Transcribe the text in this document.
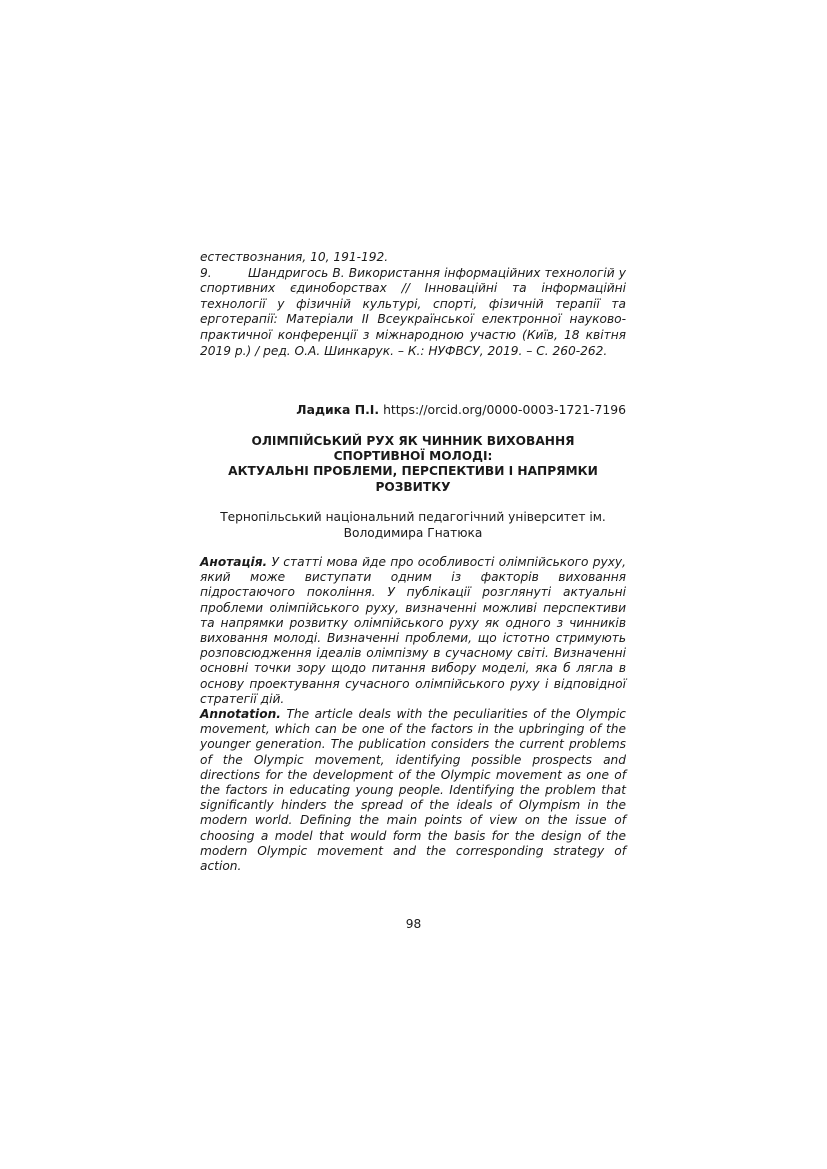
естествознания, 10, 191-192.

9.	Шандригось В. Використання інформаційних технологій у спортивних єдиноборствах // Інноваційні та інформаційні технології у фізичній культурі, спорті, фізичній терапії та ерготерапії: Матеріали ІІ Всеукраїнської електронної науково-практичної конференції з міжнародною участю (Київ, 18 квітня 2019 р.) / ред. О.А. Шинкарук. – К.: НУФВСУ, 2019. – С. 260-262.

Ладика П.І. https://orcid.org/0000-0003-1721-7196
ОЛІМПІЙСЬКИЙ РУХ ЯК ЧИННИК ВИХОВАННЯ
СПОРТИВНОЇ МОЛОДІ:
АКТУАЛЬНІ ПРОБЛЕМИ, ПЕРСПЕКТИВИ І НАПРЯМКИ
РОЗВИТКУ
Тернопільський національний педагогічний університет ім.
Володимира Гнатюка

Анотація. У статті мова йде про особливості олімпійського руху, який може виступати одним із факторів виховання підростаючого покоління. У публікації розглянуті актуальні проблеми олімпійського руху, визначенні можливі перспективи та напрямки розвитку олімпійського руху як одного з чинників виховання молоді. Визначенні проблеми, що істотно стримують розповсюдження ідеалів олімпізму в сучасному світі. Визначенні основні точки зору щодо питання вибору моделі, яка б лягла в основу проектування сучасного олімпійського руху і відповідної стратегії дій.

Annotation. The article deals with the peculiarities of the Olympic movement, which can be one of the factors in the upbringing of the younger generation. The publication considers the current problems of the Olympic movement, identifying possible prospects and directions for the development of the Olympic movement as one of the factors in educating young people. Identifying the problem that significantly hinders the spread of the ideals of Olympism in the modern world. Defining the main points of view on the issue of choosing a model that would form the basis for the design of the modern Olympic movement and the corresponding strategy of action.

98
